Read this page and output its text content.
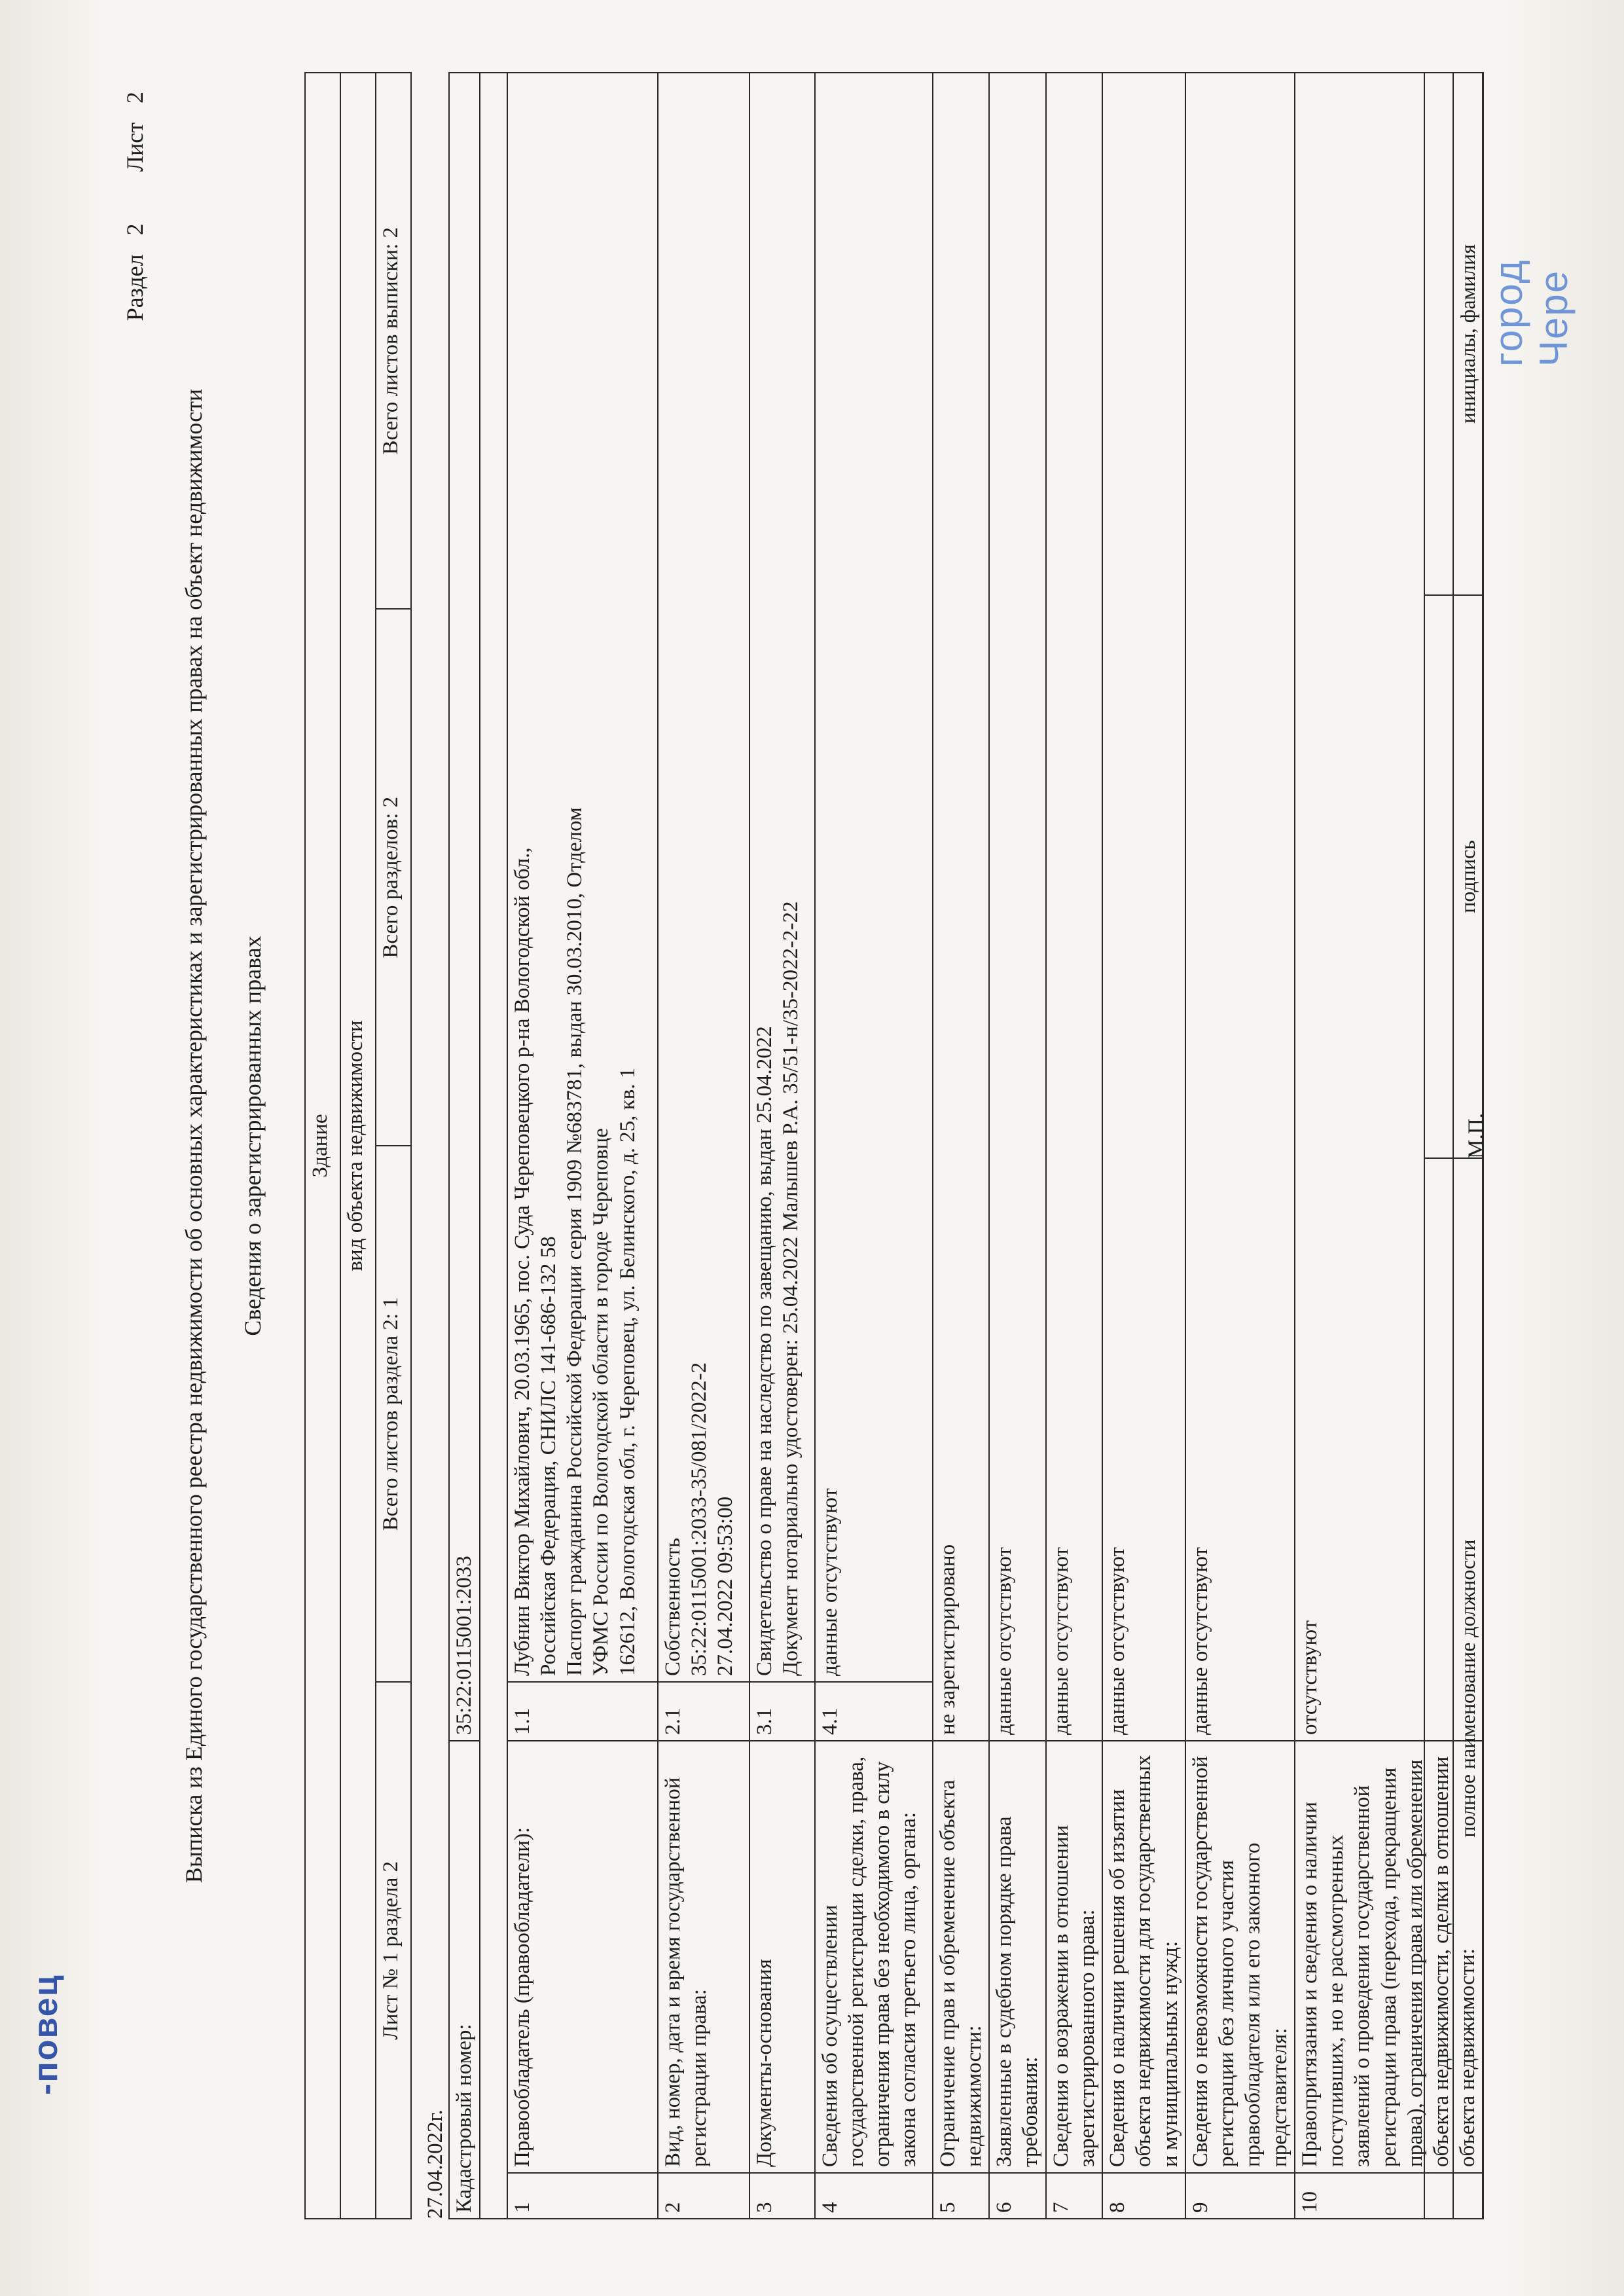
-повец
город Черe
Раздел 2 Лист 2
Выписка из Единого государственного реестра недвижимости об основных характеристиках и зарегистрированных правах на объект недвижимости Сведения о зарегистрированных правах Здание
вид объекта недвижимости
Лист № 1 раздела 2	Всего листов раздела 2: 1	Всего разделов: 2	Всего листов выписки: 2
27.04.2022г.			
Кадастровый номер:		35:22:0115001:2033	

1	Правообладатель (правообладатели):	1.1	Лубнин Виктор Михайлович, 20.03.1965, пос. Суда Череповецкого р-на Вологодской обл., Российская Федерация, СНИЛС 141-686-132 58 Паспорт гражданина Российской Федерации серия 1909 №683781, выдан 30.03.2010, Отделом УФМС России по Вологодской области в городе Череповце 162612, Вологодская обл, г. Череповец, ул. Белинского, д. 25, кв. 1

2	Вид, номер, дата и время государственной регистрации права:	2.1	Собственность 35:22:0115001:2033-35/081/2022-2 27.04.2022 09:53:00

3	Документы-основания	3.1	Свидетельство о праве на наследство по завещанию, выдан 25.04.2022 Документ нотариально удостоверен: 25.04.2022 Малышев Р.А. 35/51-н/35-2022-2-22

4	Сведения об осуществлении государственной регистрации сделки, права, ограничения права без необходимого в силу закона согласия третьего лица, органа:	4.1	данные отсутствуют
5	Ограничение прав и обременение объекта недвижимости:	не зарегистрировано	
6	Заявленные в судебном порядке права требования:	данные отсутствуют	
7	Сведения о возражении в отношении зарегистрированного права:	данные отсутствуют	
8	Сведения о наличии решения об изъятии объекта недвижимости для государственных и муниципальных нужд:	данные отсутствуют	
9	Сведения о невозможности государственной регистрации без личного участия правообладателя или его законного представителя:	данные отсутствуют	
10	Правопритязания и сведения о наличии поступивших, но не рассмотренных заявлений о проведении государственной регистрации права (перехода, прекращения права), ограничения права или обременения объекта недвижимости, сделки в отношении объекта недвижимости:	отсутствуют	
			полное наименование должности	подпись	инициалы, фамилия
М.П.
